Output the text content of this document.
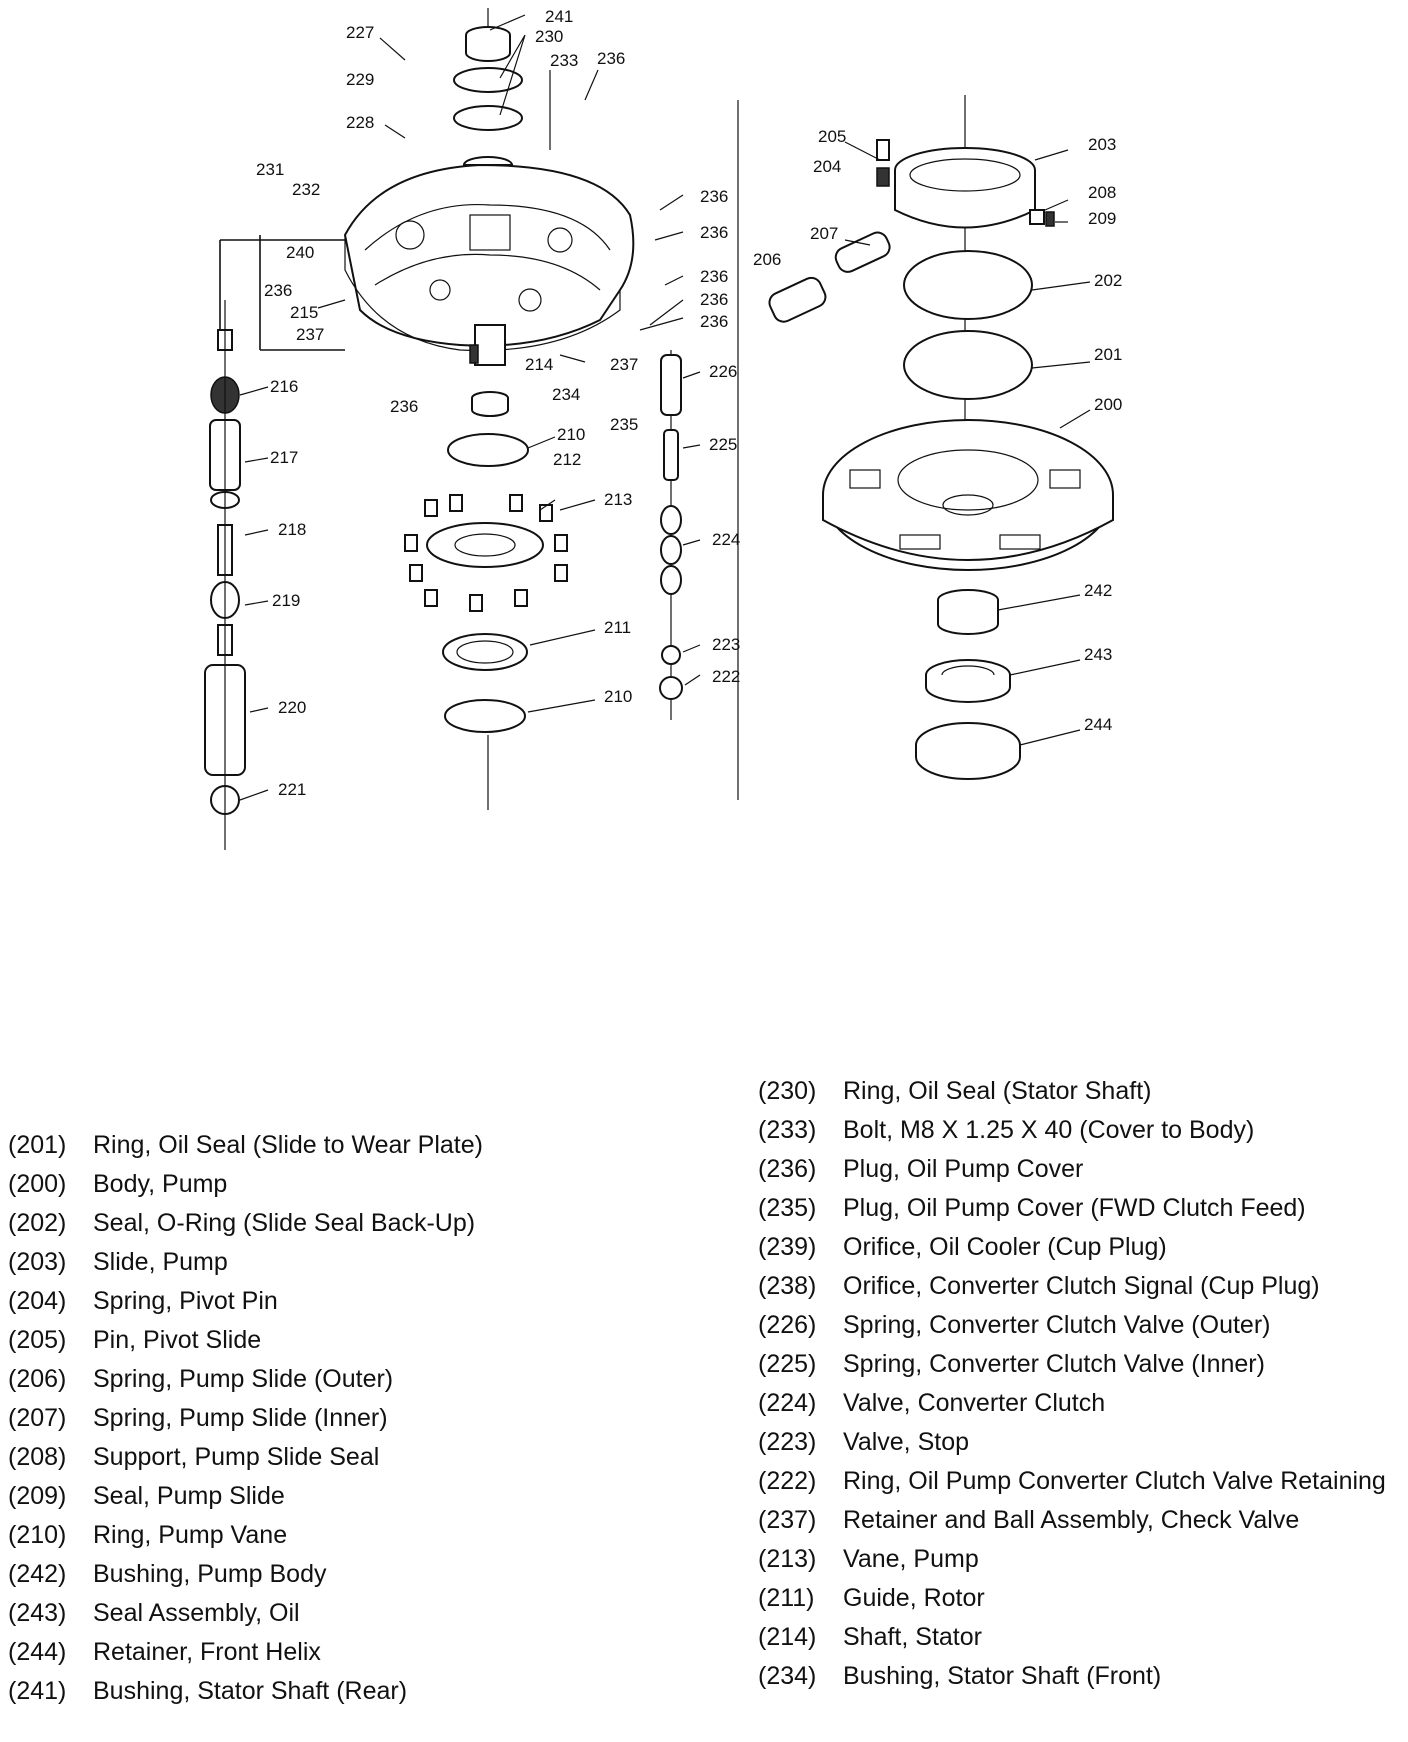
227
241
230
233 236
229
228
231
232	236
236
240
236
236
236
236
215
237
214	237
234
236
235
216
217
218
219
220
221
210
212
213
211
210
226
225
224
223
222
205
204
203
208
209
207
206
202
201
200
242
243
244
(201)	Ring, Oil Seal (Slide to Wear Plate)
(200)	Body, Pump
(202)	Seal, O-Ring (Slide Seal Back-Up)
(203)	Slide, Pump
(204)	Spring, Pivot Pin
(205)	Pin, Pivot Slide
(206)	Spring, Pump Slide (Outer)
(207)	Spring, Pump Slide (Inner)
(208)	Support, Pump Slide Seal
(209)	Seal, Pump Slide
(210)	Ring, Pump Vane
(242)	Bushing, Pump Body
(243)	Seal Assembly, Oil
(244)	Retainer, Front Helix
(241)	Bushing, Stator Shaft (Rear)
(230)	Ring, Oil Seal (Stator Shaft)
(233)	Bolt, M8 X 1.25 X 40 (Cover to Body)
(236)	Plug, Oil Pump Cover
(235)	Plug, Oil Pump Cover (FWD Clutch Feed)
(239)	Orifice, Oil Cooler (Cup Plug)
(238)	Orifice, Converter Clutch Signal (Cup Plug)
(226)	Spring, Converter Clutch Valve (Outer)
(225)	Spring, Converter Clutch Valve (Inner)
(224)	Valve, Converter Clutch
(223)	Valve, Stop
(222)	Ring, Oil Pump Converter Clutch Valve Retaining
(237)	Retainer and Ball Assembly, Check Valve
(213)	Vane, Pump
(211)	Guide, Rotor
(214)	Shaft, Stator
(234)	Bushing, Stator Shaft (Front)
